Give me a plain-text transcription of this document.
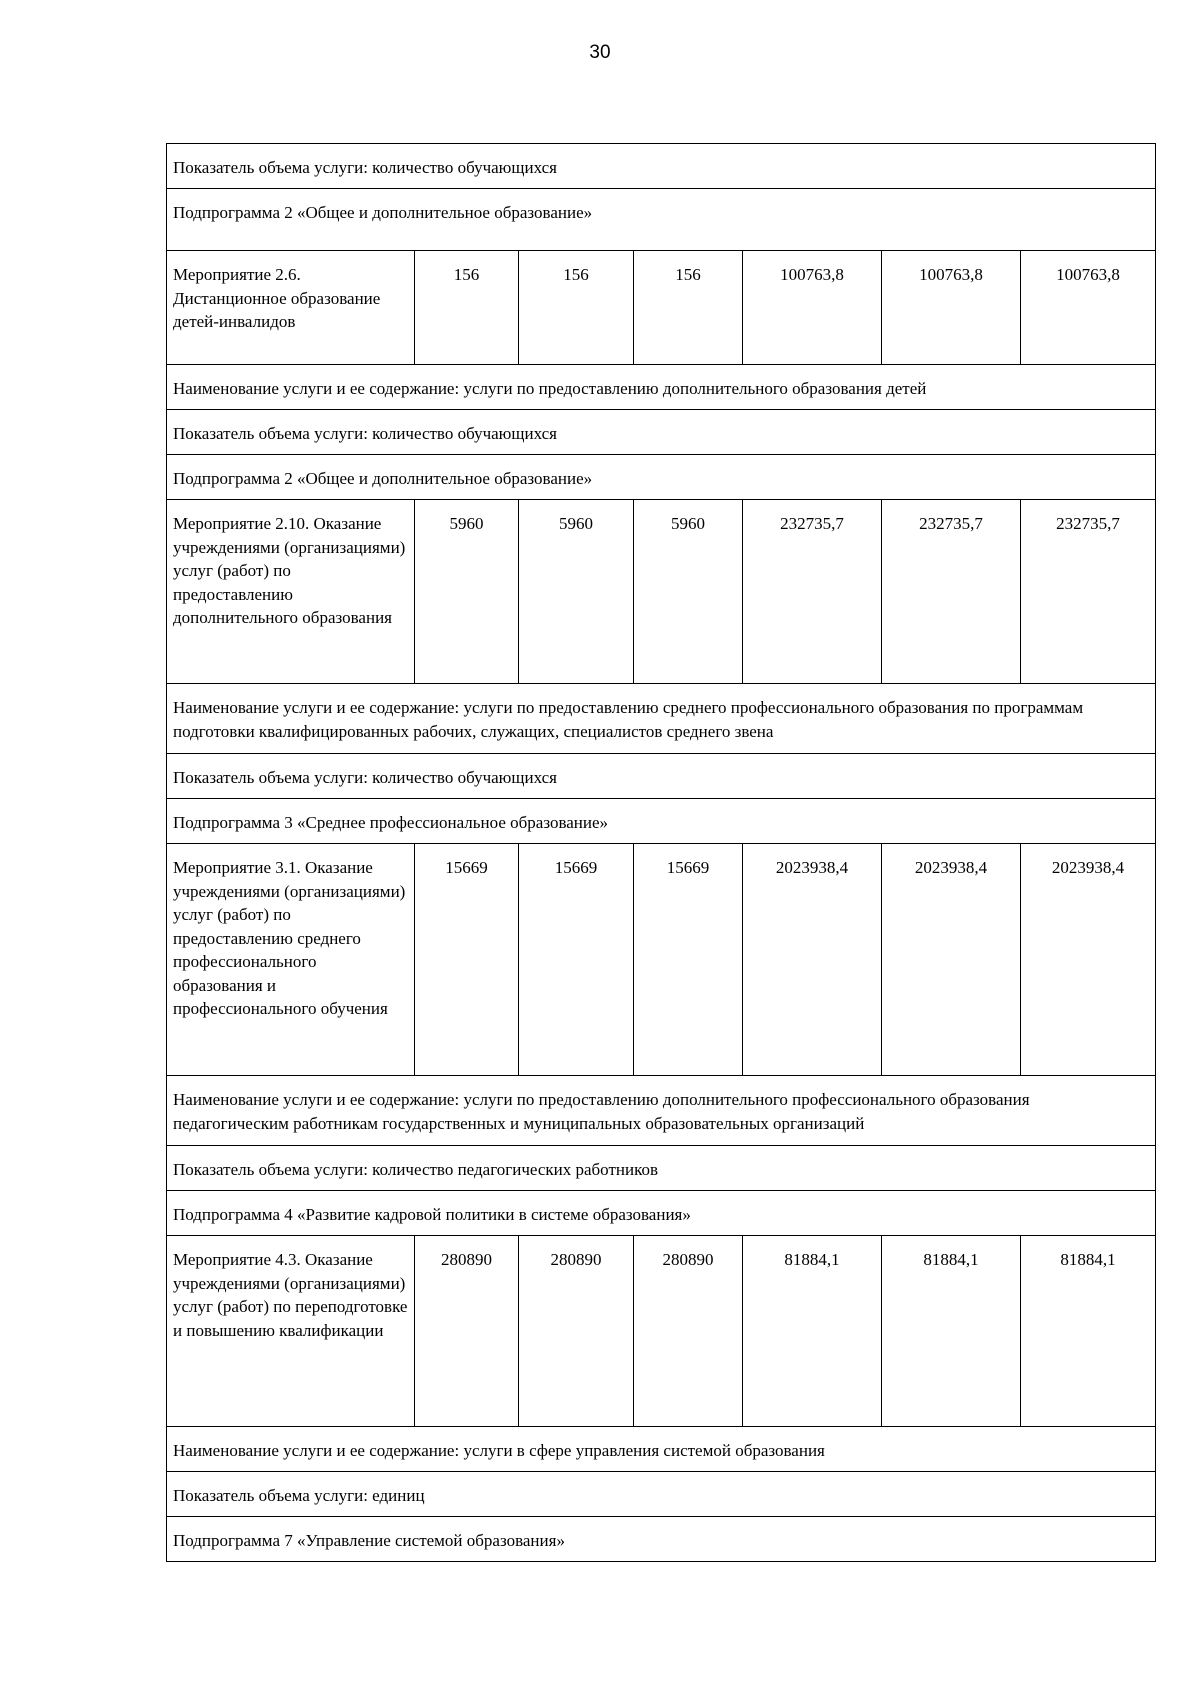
30
Показатель объема услуги: количество обучающихся						
Подпрограмма 2 «Общее и дополнительное образование»						
Мероприятие 2.6. Дистанционное образование детей-инвалидов	156	156	156	100763,8	100763,8	100763,8
Наименование услуги и ее содержание: услуги по предоставлению дополнительного образования детей						
Показатель объема услуги: количество обучающихся						
Подпрограмма 2 «Общее и дополнительное образование»						
Мероприятие 2.10. Оказание учреждениями (организациями) услуг (работ) по предоставлению дополнительного образования	5960	5960	5960	232735,7	232735,7	232735,7
Наименование услуги и ее содержание: услуги по предоставлению среднего профессионального образования по программам подготовки квалифицированных рабочих, служащих, специалистов среднего звена						
Показатель объема услуги: количество обучающихся						
Подпрограмма 3 «Среднее профессиональное образование»						
Мероприятие 3.1. Оказание учреждениями (организациями) услуг (работ) по предоставлению среднего профессионального образования и профессионального обучения	15669	15669	15669	2023938,4	2023938,4	2023938,4
Наименование услуги и ее содержание: услуги по предоставлению дополнительного профессионального образования педагогическим работникам государственных и муниципальных образовательных организаций						
Показатель объема услуги: количество педагогических работников						
Подпрограмма 4 «Развитие кадровой политики в системе образования»						
Мероприятие 4.3. Оказание учреждениями (организациями) услуг (работ) по переподготовке и повышению квалификации	280890	280890	280890	81884,1	81884,1	81884,1
Наименование услуги и ее содержание: услуги в сфере управления системой образования						
Показатель объема услуги: единиц						
Подпрограмма 7 «Управление системой образования»						
